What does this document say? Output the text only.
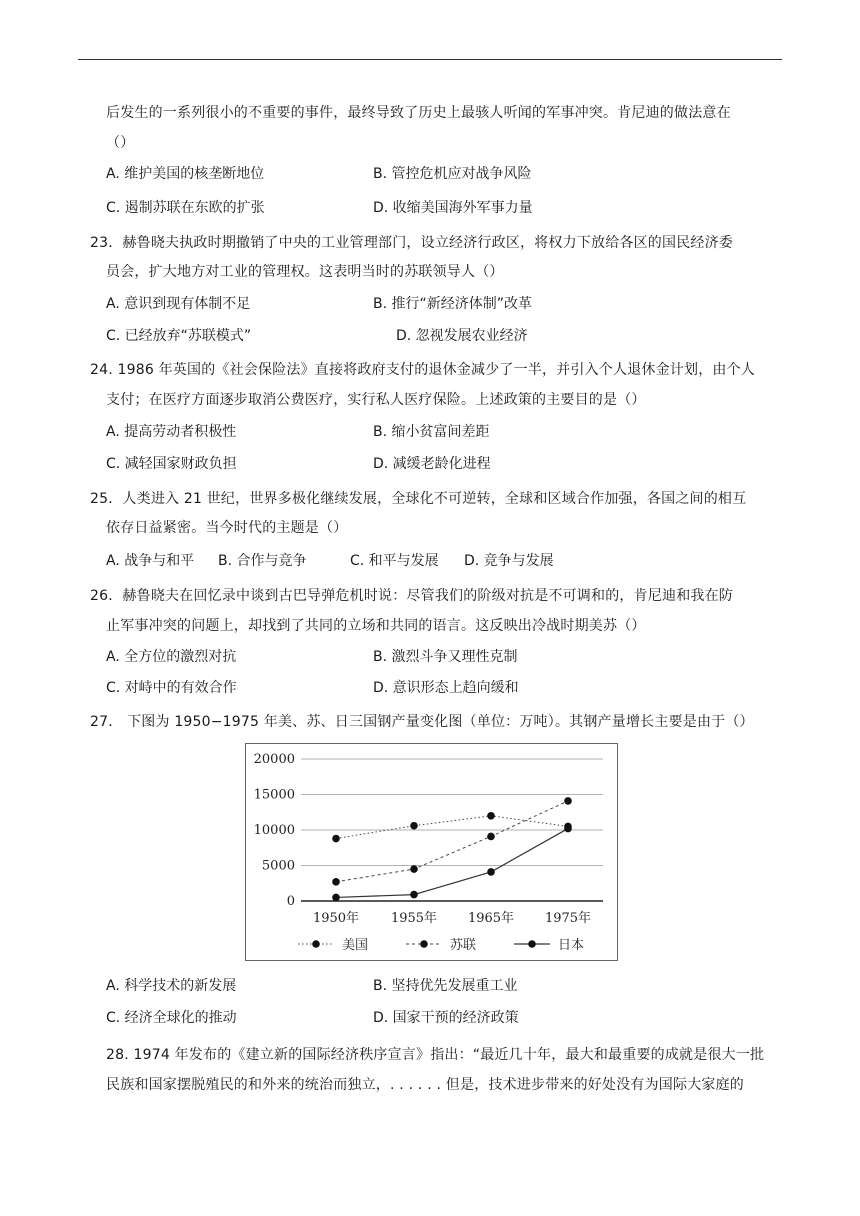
后发生的一系列很小的不重要的事件，最终导致了历史上最骇人听闻的军事冲突。肯尼迪的做法意在
（）
A. 维护美国的核垄断地位	B. 管控危机应对战争风险
C. 遏制苏联在东欧的扩张	D. 收缩美国海外军事力量
23．赫鲁晓夫执政时期撤销了中央的工业管理部门，设立经济行政区，将权力下放给各区的国民经济委
员会，扩大地方对工业的管理权。这表明当时的苏联领导人（）
A. 意识到现有体制不足	B. 推行“新经济体制”改革
C. 已经放弃“苏联模式”	D. 忽视发展农业经济
24. 1986 年英国的《社会保险法》直接将政府支付的退休金减少了一半，并引入个人退休金计划，由个人
支付；在医疗方面逐步取消公费医疗，实行私人医疗保险。上述政策的主要目的是（）
A. 提高劳动者积极性	B. 缩小贫富间差距
C. 减轻国家财政负担	D. 减缓老龄化进程
25．人类进入 21 世纪，世界多极化继续发展，全球化不可逆转，全球和区域合作加强，各国之间的相互
依存日益紧密。当今时代的主题是（）
A. 战争与和平 B. 合作与竞争	C. 和平与发展 D. 竞争与发展
26．赫鲁晓夫在回忆录中谈到古巴导弹危机时说：尽管我们的阶级对抗是不可调和的，肯尼迪和我在防
止军事冲突的问题上，却找到了共同的立场和共同的语言。这反映出冷战时期美苏（）
A. 全方位的激烈对抗	B. 激烈斗争又理性克制
C. 对峙中的有效合作	D. 意识形态上趋向缓和
27． 下图为 1950−1975 年美、苏、日三国钢产量变化图（单位：万吨）。其钢产量增长主要是由于（）
0
5000
10000
15000
20000
1950年 1955年 1965年 1975年
美国	苏联	日本
A. 科学技术的新发展	B. 坚持优先发展重工业
C. 经济全球化的推动	D. 国家干预的经济政策
28. 1974 年发布的《建立新的国际经济秩序宣言》指出：“最近几十年，最大和最重要的成就是很大一批
民族和国家摆脱殖民的和外来的统治而独立，. . . . . . 但是，技术进步带来的好处没有为国际大家庭的
